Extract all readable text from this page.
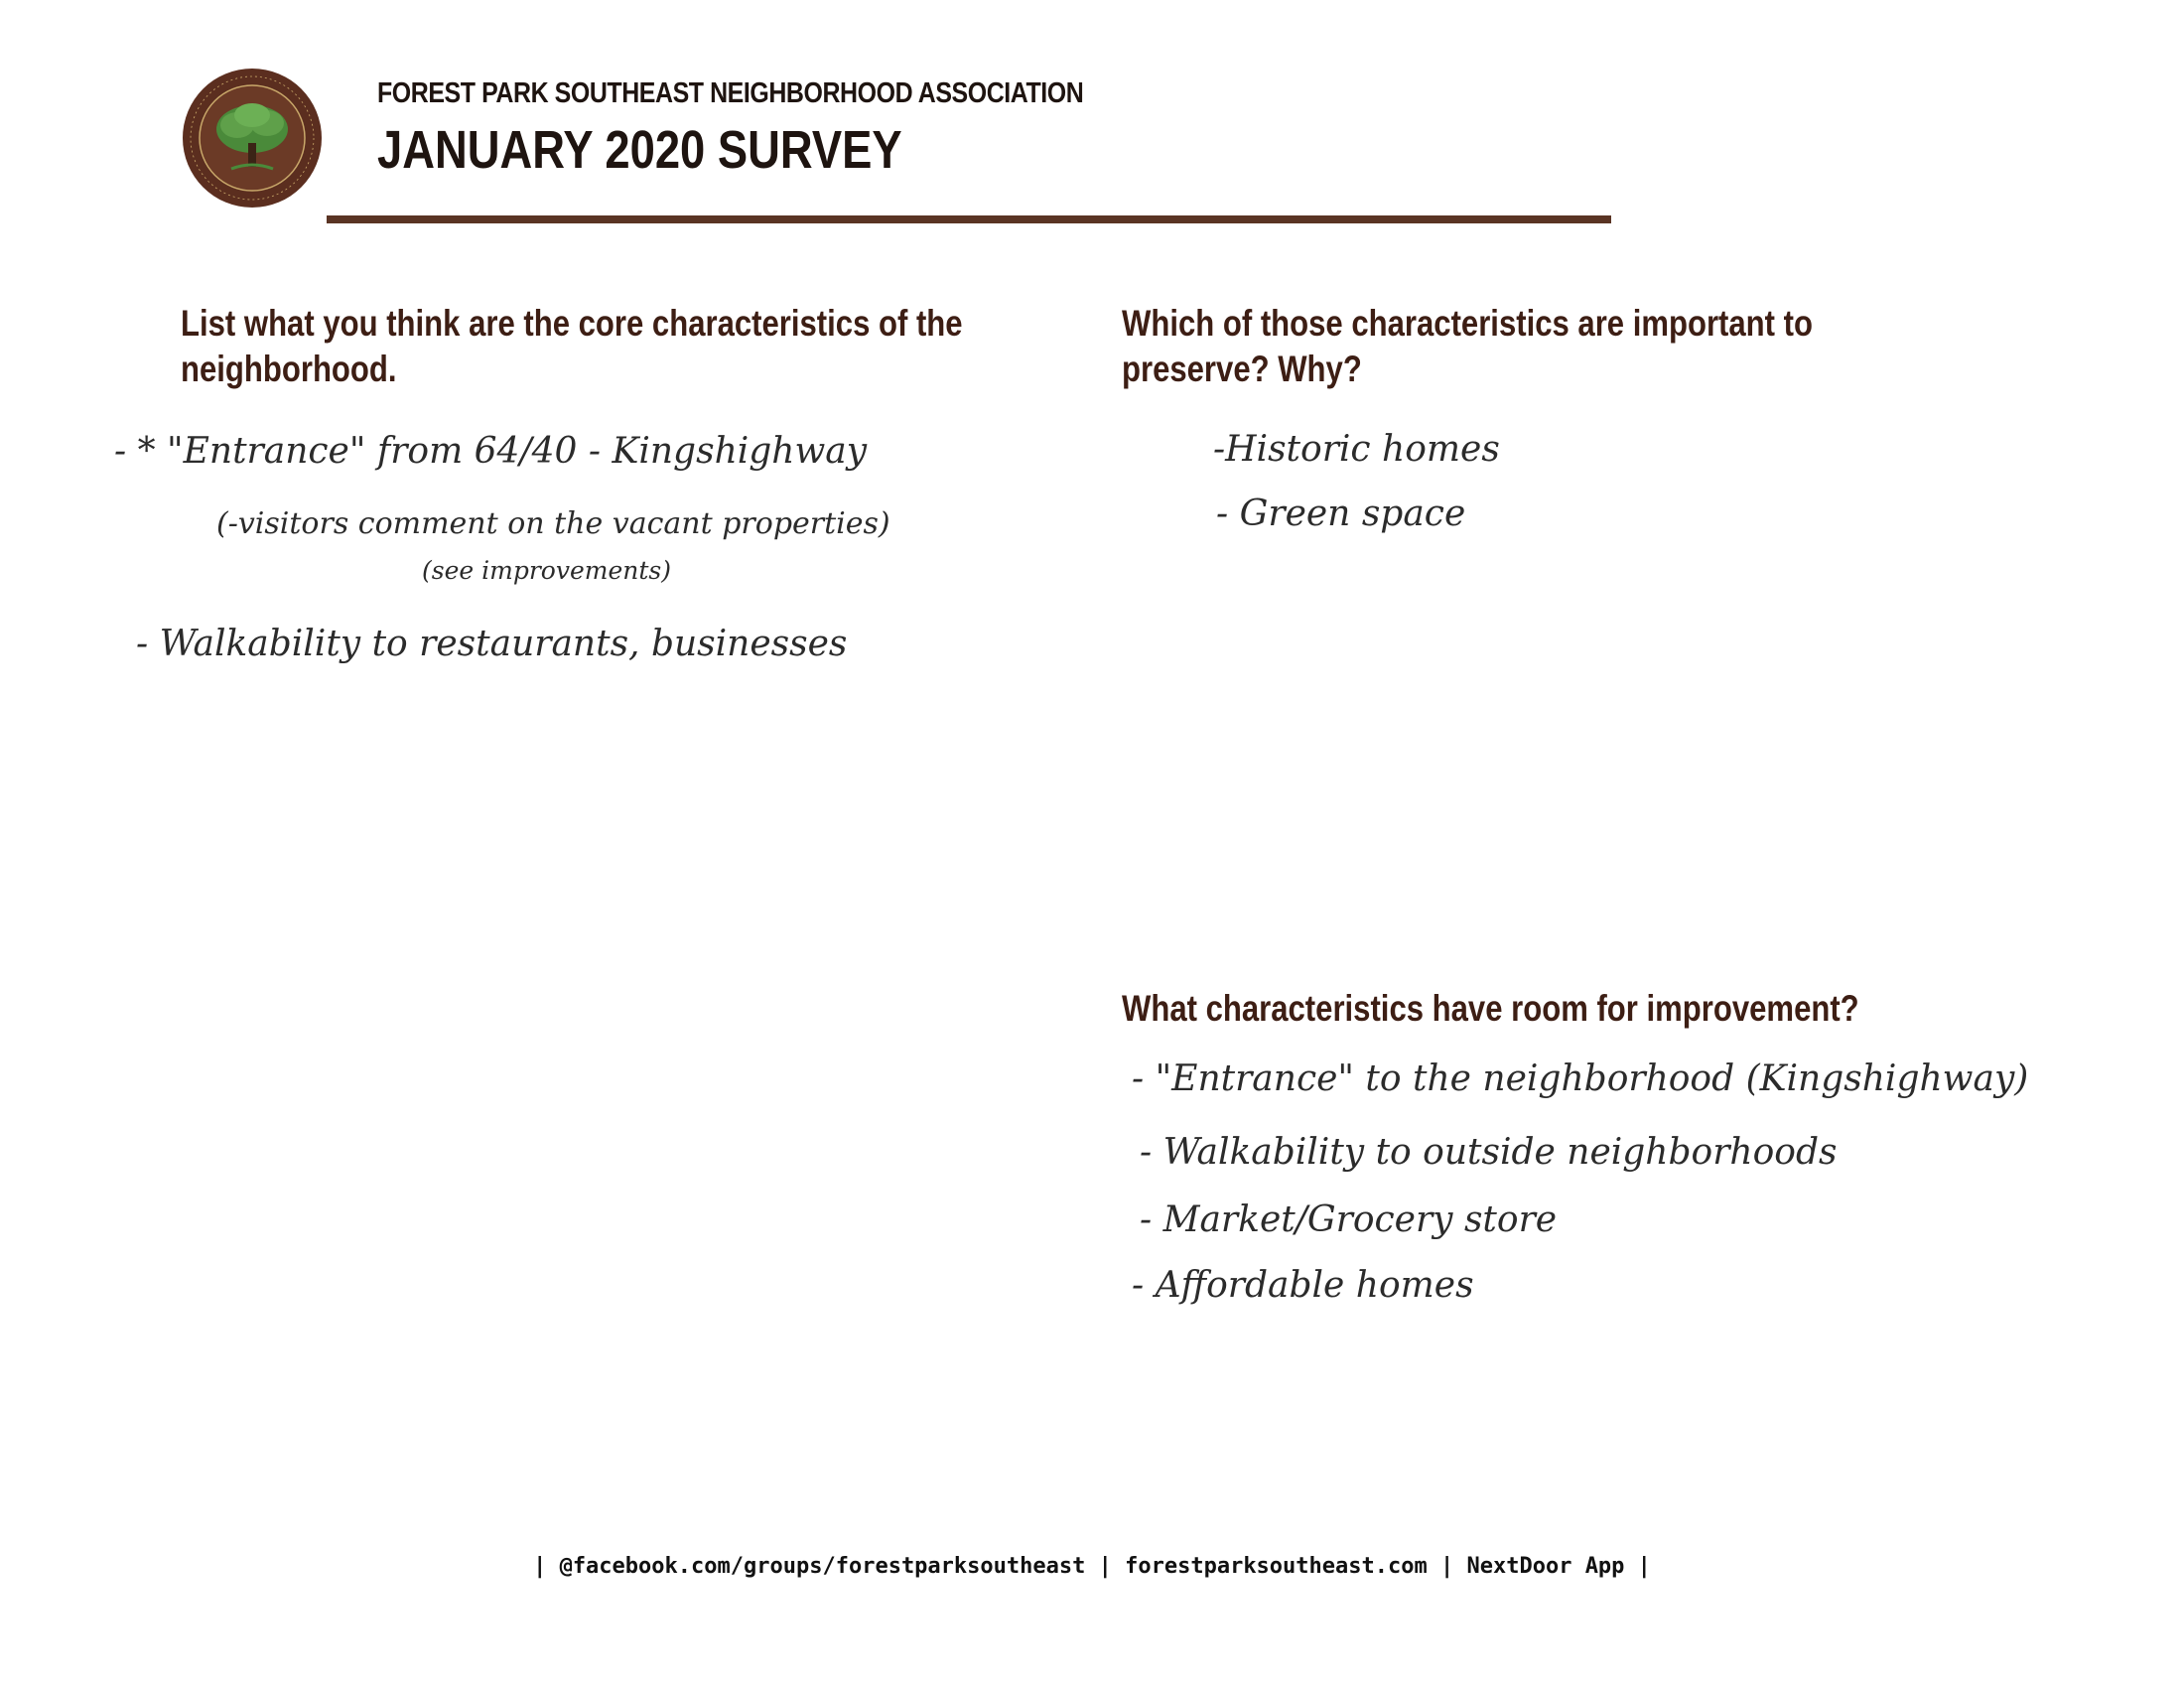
FOREST PARK SOUTHEAST NEIGHBORHOOD ASSOCIATION
JANUARY 2020 SURVEY
List what you think are the core characteristics of the neighborhood.
Which of those characteristics are important to preserve? Why?
What characteristics have room for improvement?
- * "Entrance" from 64/40 - Kingshighway
(-visitors comment on the vacant properties)
(see improvements)
- Walkability to restaurants, businesses
-Historic homes
- Green space
- "Entrance" to the neighborhood (Kingshighway)
- Walkability to outside neighborhoods
- Market/Grocery store
- Affordable homes
| @facebook.com/groups/forestparksoutheast | forestparksoutheast.com | NextDoor App |
